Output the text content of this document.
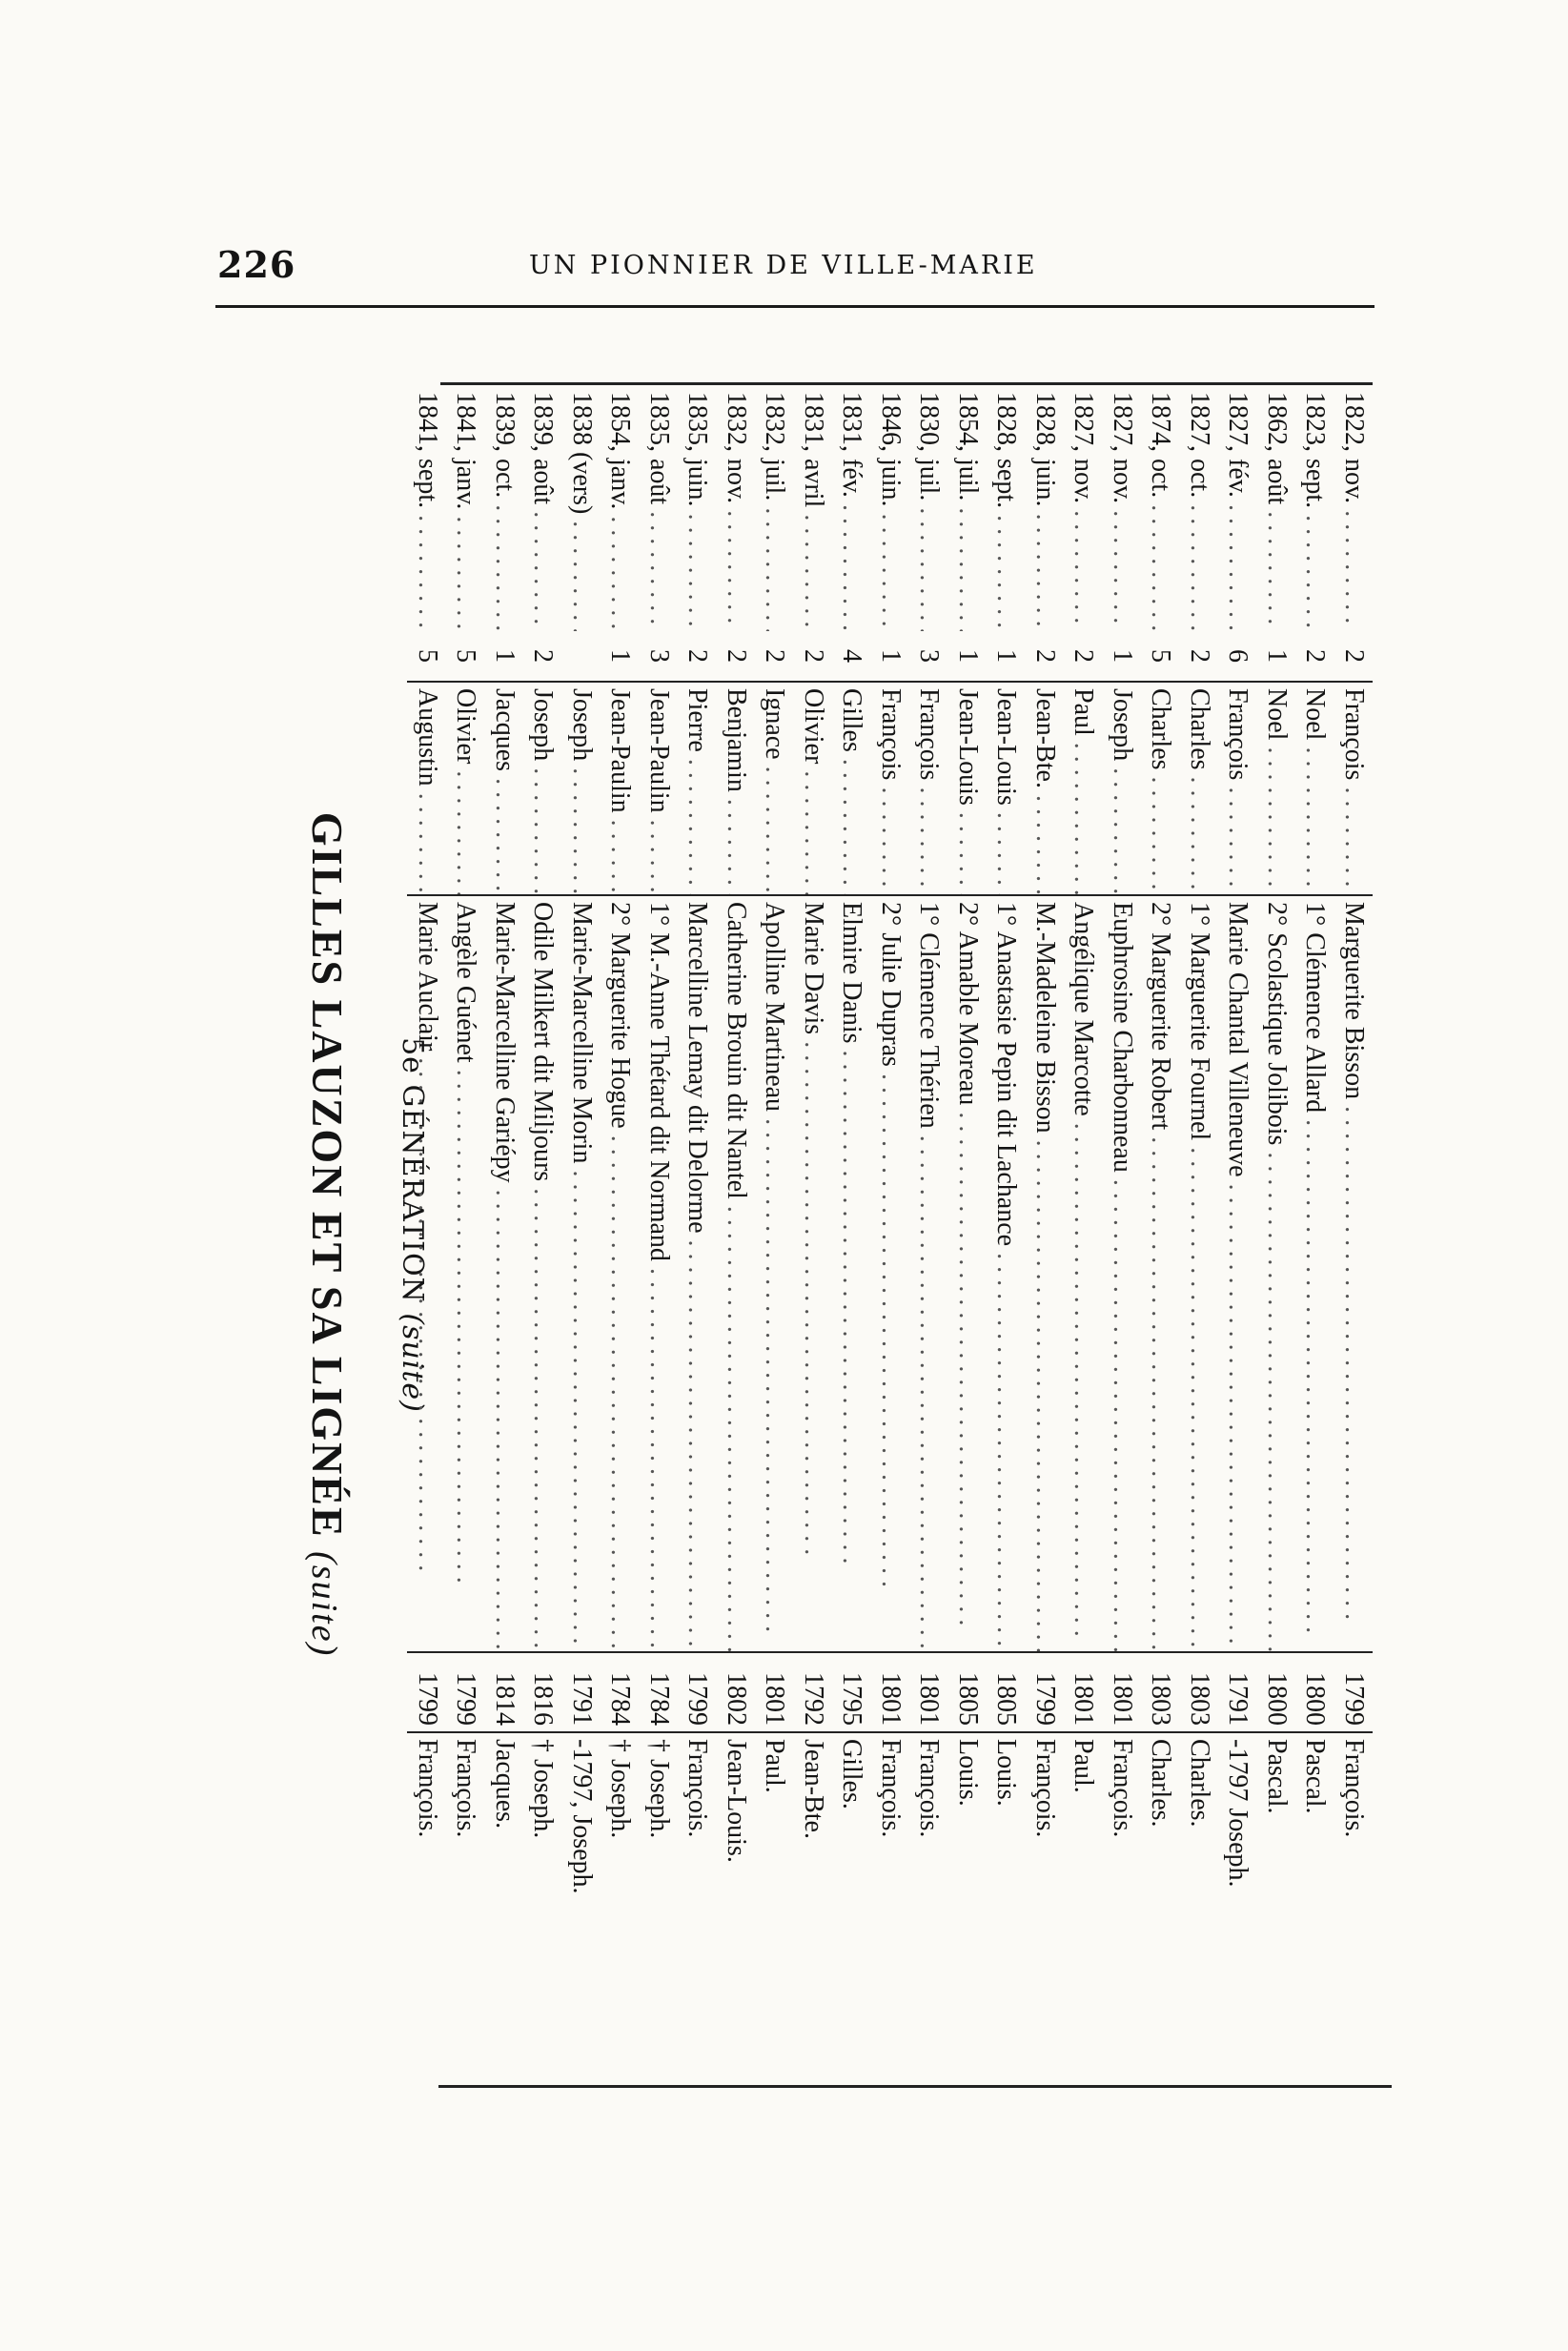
226	UN PIONNIER DE VILLE-MARIE
GILLES LAUZON ET SA LIGNÉE (suite)
5e GÉNÉRATION (suite)
1822, nov. . . .	2	François . . .	Marguerite Bisson . . .	1799	François.
1823, sept. . . .	2	Noel . . .	1° Clémence Allard . . .	1800	Pascal.
1862, août . . .	1	Noel . . .	2° Scolastique Jolibois . . .	1800	Pascal.
1827, fév. . . .	6	François . . .	Marie Chantal Villeneuve . . .	1791	-1797 Joseph.
1827, oct. . . .	2	Charles . . .	1° Marguerite Fournel . . .	1803	Charles.
1874, oct. . . .	5	Charles . . .	2° Marguerite Robert . . .	1803	Charles.
1827, nov. . . .	1	Joseph . . .	Euphrosine Charbonneau . . .	1801	François.
1827, nov. . . .	2	Paul . . .	Angélique Marcotte . . .	1801	Paul.
1828, juin. . . .	2	Jean-Bte. . . .	M.-Madeleine Bisson . . .	1799	François.
1828, sept. . . .	1	Jean-Louis . . .	1° Anastasie Pepin dit Lachance . . .	1805	Louis.
1854, juil. . . .	1	Jean-Louis . . .	2° Amable Moreau . . .	1805	Louis.
1830, juil. . . .	3	François . . .	1° Clémence Thérien . . .	1801	François.
1846, juin. . . .	1	François . . .	2° Julie Dupras . . .	1801	François.
1831, fév. . . .	4	Gilles . . .	Elmire Danis . . .	1795	Gilles.
1831, avril . . .	2	Olivier . . .	Marie Davis . . .	1792	Jean-Bte.
1832, juil. . . .	2	Ignace . . .	Apolline Martineau . . .	1801	Paul.
1832, nov. . . .	2	Benjamin . . .	Catherine Brouin dit Nantel . . .	1802	Jean-Louis.
1835, juin. . . .	2	Pierre . . .	Marcelline Lemay dit Delorme . . .	1799	François.
1835, août . . .	3	Jean-Paulin . . .	1° M.-Anne Thétard dit Normand . . .	1784	† Joseph.
1854, janv. . . .	1	Jean-Paulin . . .	2° Marguerite Hogue . . .	1784	† Joseph.
1838 (vers) . . .		Joseph . . .	Marie-Marcelline Morin . . .	1791	-1797, Joseph.
1839, août . . .	2	Joseph . . .	Odile Milkert dit Miljours . . .	1816	† Joseph.
1839, oct. . . .	1	Jacques . . .	Marie-Marcelline Gariépy . . .	1814	Jacques.
1841, janv. . . .	5	Olivier . . .	Angèle Guénet . . .	1799	François.
1841, sept. . . .	5	Augustin . . .	Marie Auclair . . .	1799	François.
